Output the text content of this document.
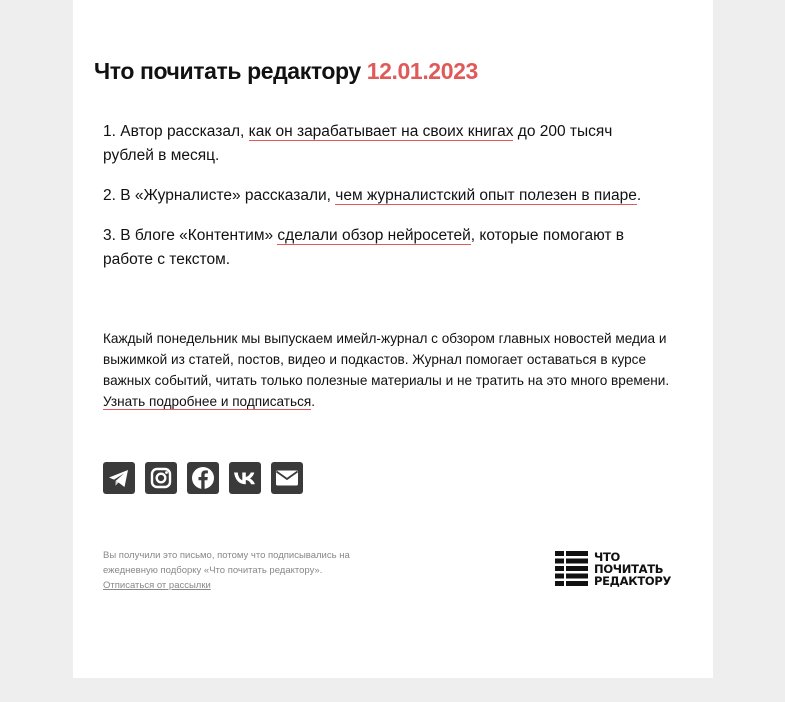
Что почитать редактору 12.01.2023

1. Автор рассказал, как он зарабатывает на своих книгах до 200 тысяч рублей в месяц.

2. В «Журналисте» рассказали, чем журналистский опыт полезен в пиаре.

3. В блоге «Контентим» сделали обзор нейросетей, которые помогают в работе с текстом.

Каждый понедельник мы выпускаем имейл-журнал с обзором главных новостей медиа и выжимкой из статей, постов, видео и подкастов. Журнал помогает оставаться в курсе важных событий, читать только полезные материалы и не тратить на это много времени. Узнать подробнее и подписаться.

Вы получили это письмо, потому что подписывались на ежедневную подборку «Что почитать редактору».

Отписаться от рассылки

ЧТО
ПОЧИТАТЬ
РЕДАКТОРУ
